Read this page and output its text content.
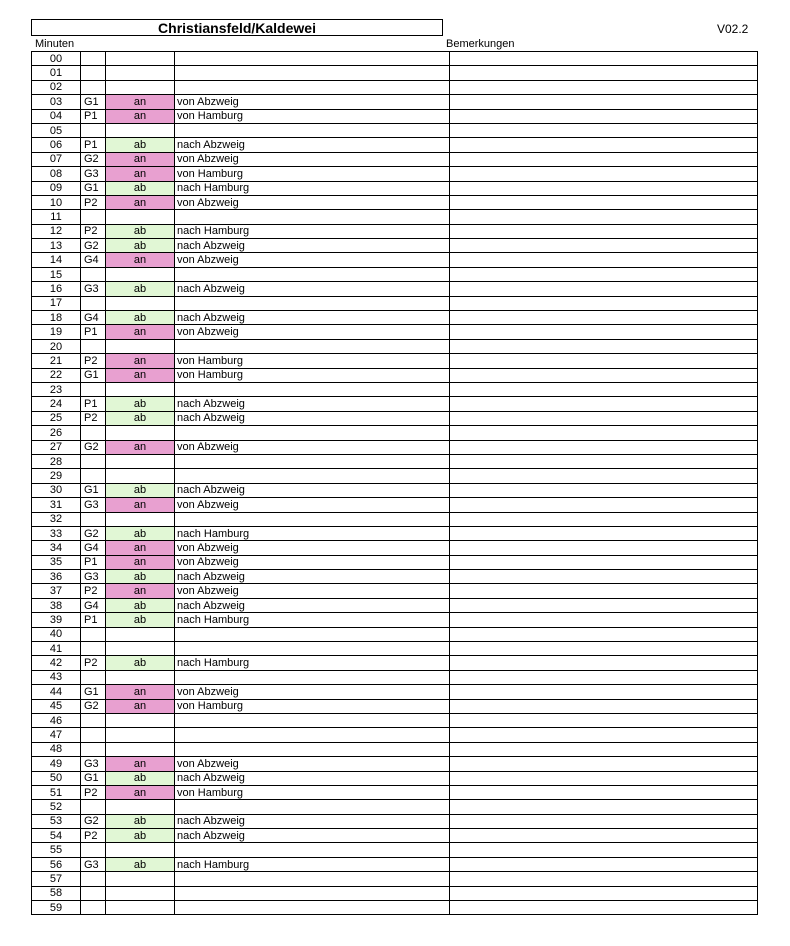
Christiansfeld/Kaldewei	V02.2
Minuten	Bemerkungen
00				
01				
02				
03	G1	an	von Abzweig	
04	P1	an	von Hamburg	
05				
06	P1	ab	nach Abzweig	
07	G2	an	von Abzweig	
08	G3	an	von Hamburg	
09	G1	ab	nach Hamburg	
10	P2	an	von Abzweig	
11				
12	P2	ab	nach Hamburg	
13	G2	ab	nach Abzweig	
14	G4	an	von Abzweig	
15				
16	G3	ab	nach Abzweig	
17				
18	G4	ab	nach Abzweig	
19	P1	an	von Abzweig	
20				
21	P2	an	von Hamburg	
22	G1	an	von Hamburg	
23				
24	P1	ab	nach Abzweig	
25	P2	ab	nach Abzweig	
26				
27	G2	an	von Abzweig	
28				
29				
30	G1	ab	nach Abzweig	
31	G3	an	von Abzweig	
32				
33	G2	ab	nach Hamburg	
34	G4	an	von Abzweig	
35	P1	an	von Abzweig	
36	G3	ab	nach Abzweig	
37	P2	an	von Abzweig	
38	G4	ab	nach Abzweig	
39	P1	ab	nach Hamburg	
40				
41				
42	P2	ab	nach Hamburg	
43				
44	G1	an	von Abzweig	
45	G2	an	von Hamburg	
46				
47				
48				
49	G3	an	von Abzweig	
50	G1	ab	nach Abzweig	
51	P2	an	von Hamburg	
52				
53	G2	ab	nach Abzweig	
54	P2	ab	nach Abzweig	
55				
56	G3	ab	nach Hamburg	
57				
58				
59				
